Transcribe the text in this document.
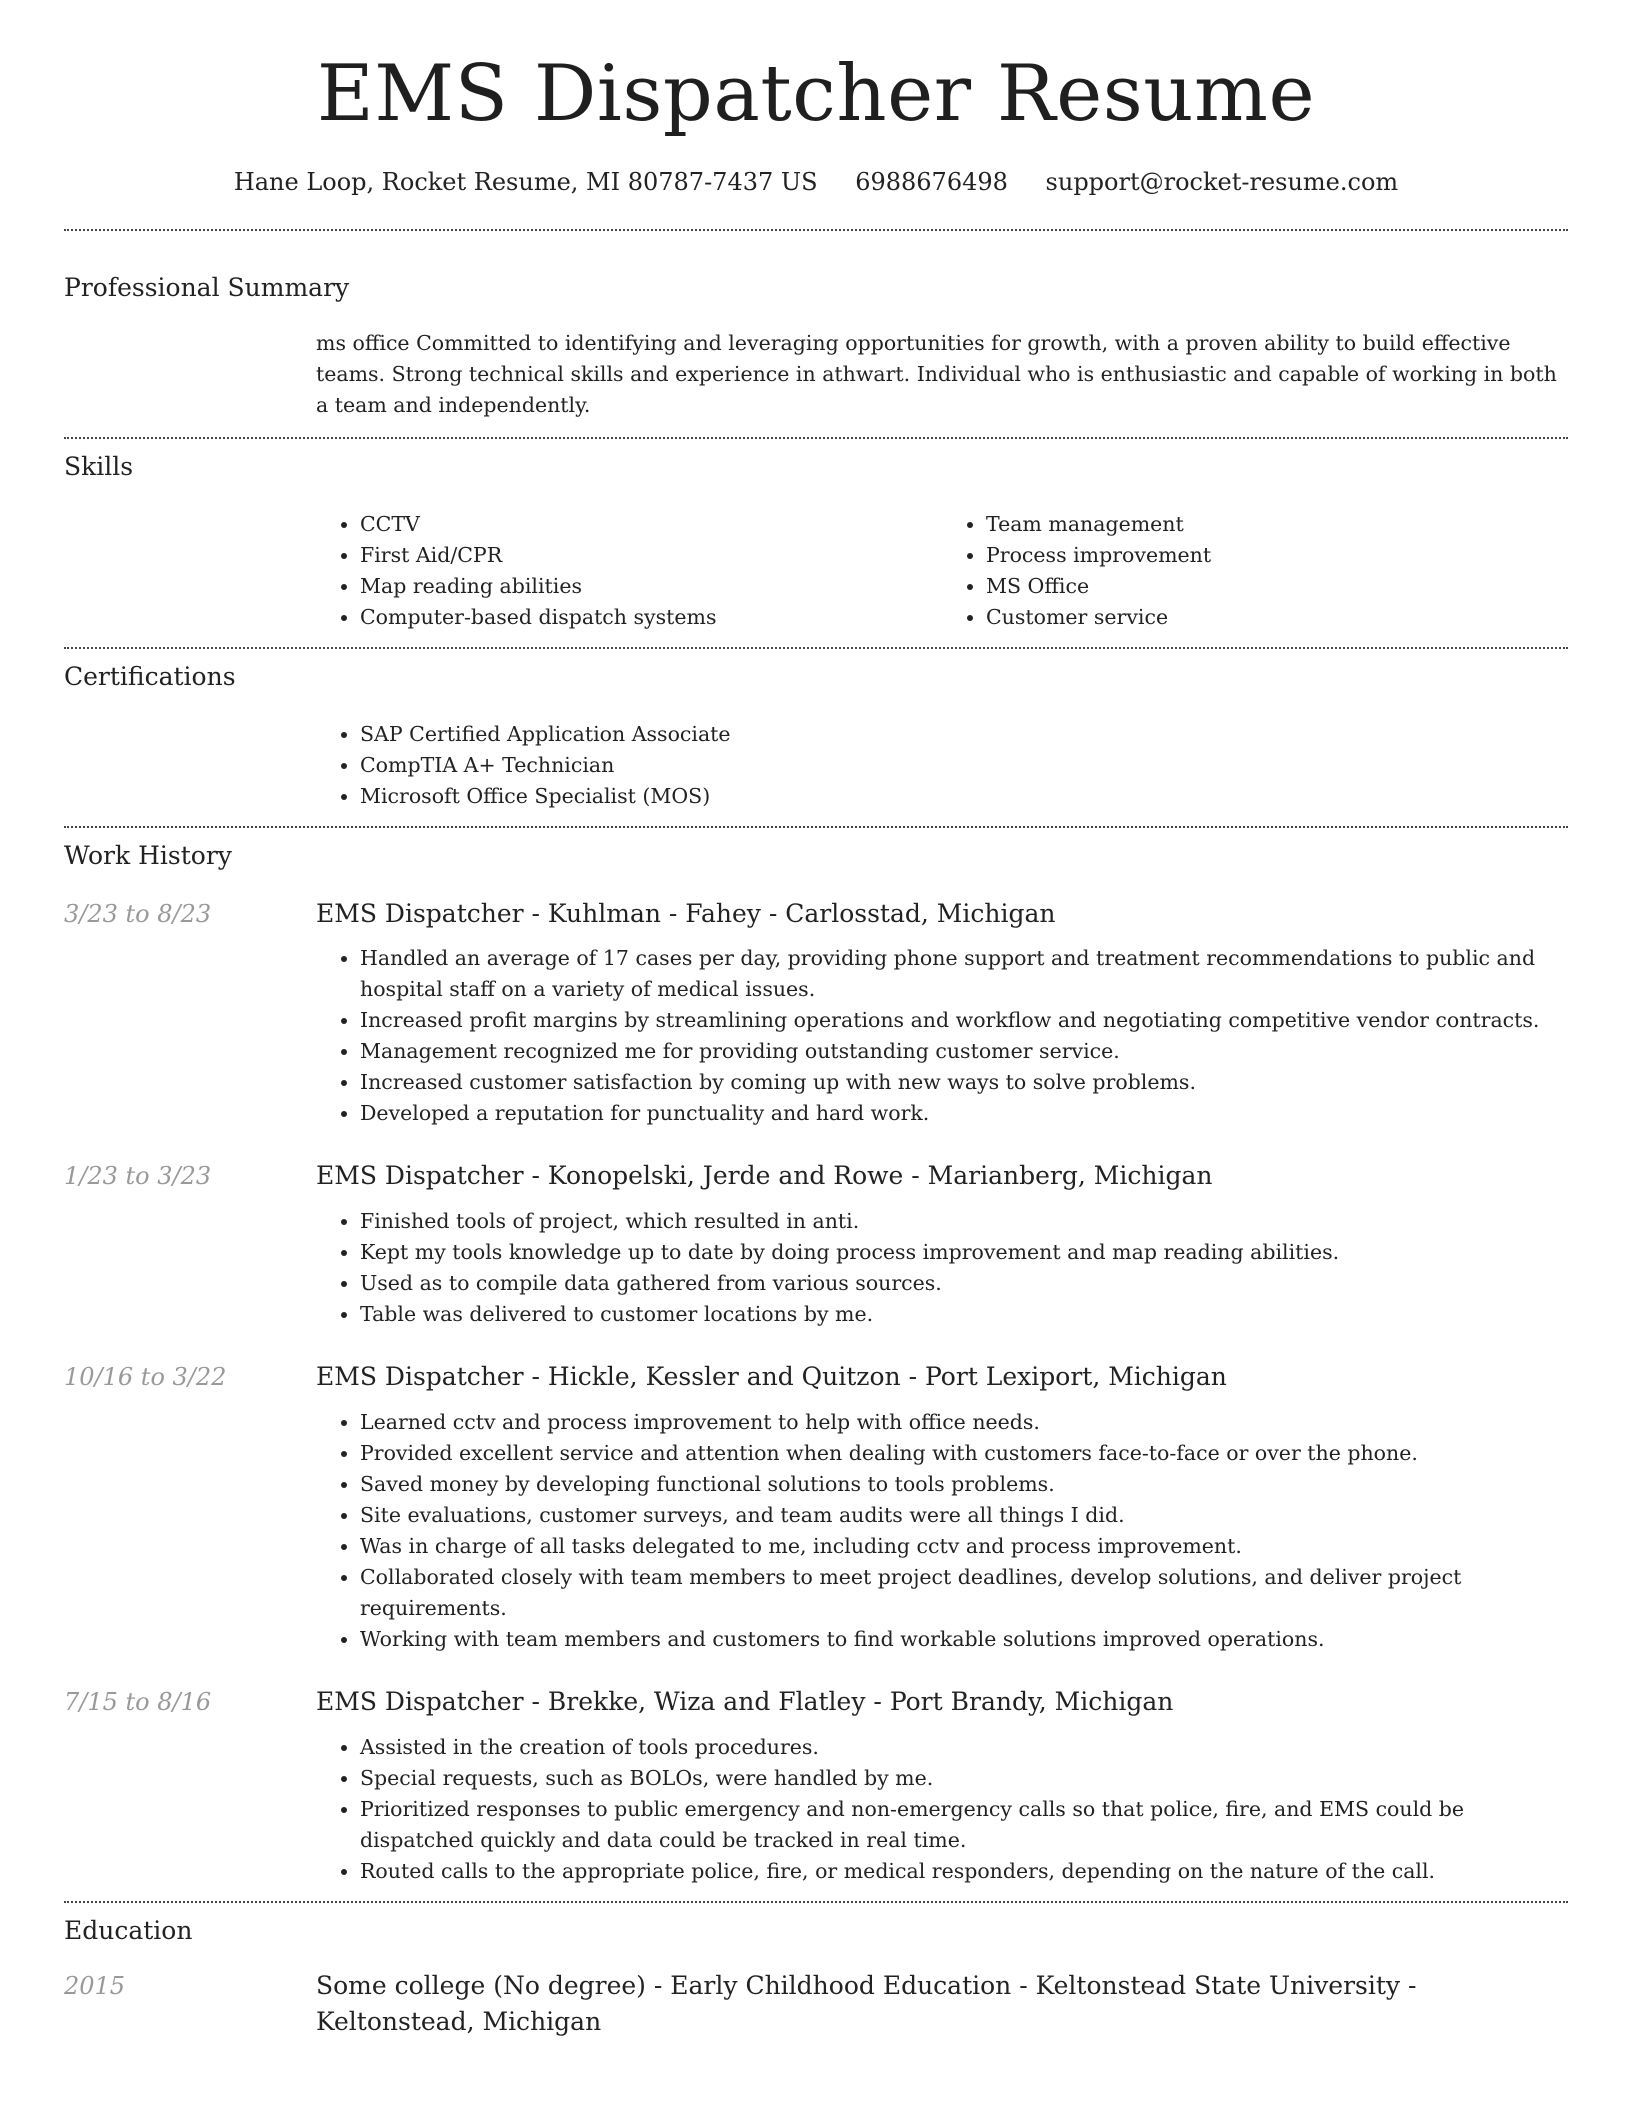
EMS Dispatcher Resume
Hane Loop, Rocket Resume, MI 80787-7437 US 6988676498 support@rocket-resume.com
Professional Summary

ms office Committed to identifying and leveraging opportunities for growth, with a proven ability to build effective teams. Strong technical skills and experience in athwart. Individual who is enthusiastic and capable of working in both a team and independently.

Skills
• CCTV
• First Aid/CPR
• Map reading abilities
• Computer-based dispatch systems
• Team management
• Process improvement
• MS Office
• Customer service
Certifications
• SAP Certified Application Associate
• CompTIA A+ Technician
• Microsoft Office Specialist (MOS)
Work History
3/23 to 8/23	EMS Dispatcher - Kuhlman - Fahey - Carlosstad, Michigan
• Handled an average of 17 cases per day, providing phone support and treatment recommendations to public and hospital staff on a variety of medical issues.
• Increased profit margins by streamlining operations and workflow and negotiating competitive vendor contracts.
• Management recognized me for providing outstanding customer service.
• Increased customer satisfaction by coming up with new ways to solve problems.
• Developed a reputation for punctuality and hard work.
1/23 to 3/23	EMS Dispatcher - Konopelski, Jerde and Rowe - Marianberg, Michigan
• Finished tools of project, which resulted in anti.
• Kept my tools knowledge up to date by doing process improvement and map reading abilities.
• Used as to compile data gathered from various sources.
• Table was delivered to customer locations by me.
10/16 to 3/22	EMS Dispatcher - Hickle, Kessler and Quitzon - Port Lexiport, Michigan
• Learned cctv and process improvement to help with office needs.
• Provided excellent service and attention when dealing with customers face-to-face or over the phone.
• Saved money by developing functional solutions to tools problems.
• Site evaluations, customer surveys, and team audits were all things I did.
• Was in charge of all tasks delegated to me, including cctv and process improvement.
• Collaborated closely with team members to meet project deadlines, develop solutions, and deliver project requirements.
• Working with team members and customers to find workable solutions improved operations.
7/15 to 8/16	EMS Dispatcher - Brekke, Wiza and Flatley - Port Brandy, Michigan
• Assisted in the creation of tools procedures.
• Special requests, such as BOLOs, were handled by me.
• Prioritized responses to public emergency and non-emergency calls so that police, fire, and EMS could be dispatched quickly and data could be tracked in real time.
• Routed calls to the appropriate police, fire, or medical responders, depending on the nature of the call.
Education
2015	Some college (No degree) - Early Childhood Education - Keltonstead State University - Keltonstead, Michigan
